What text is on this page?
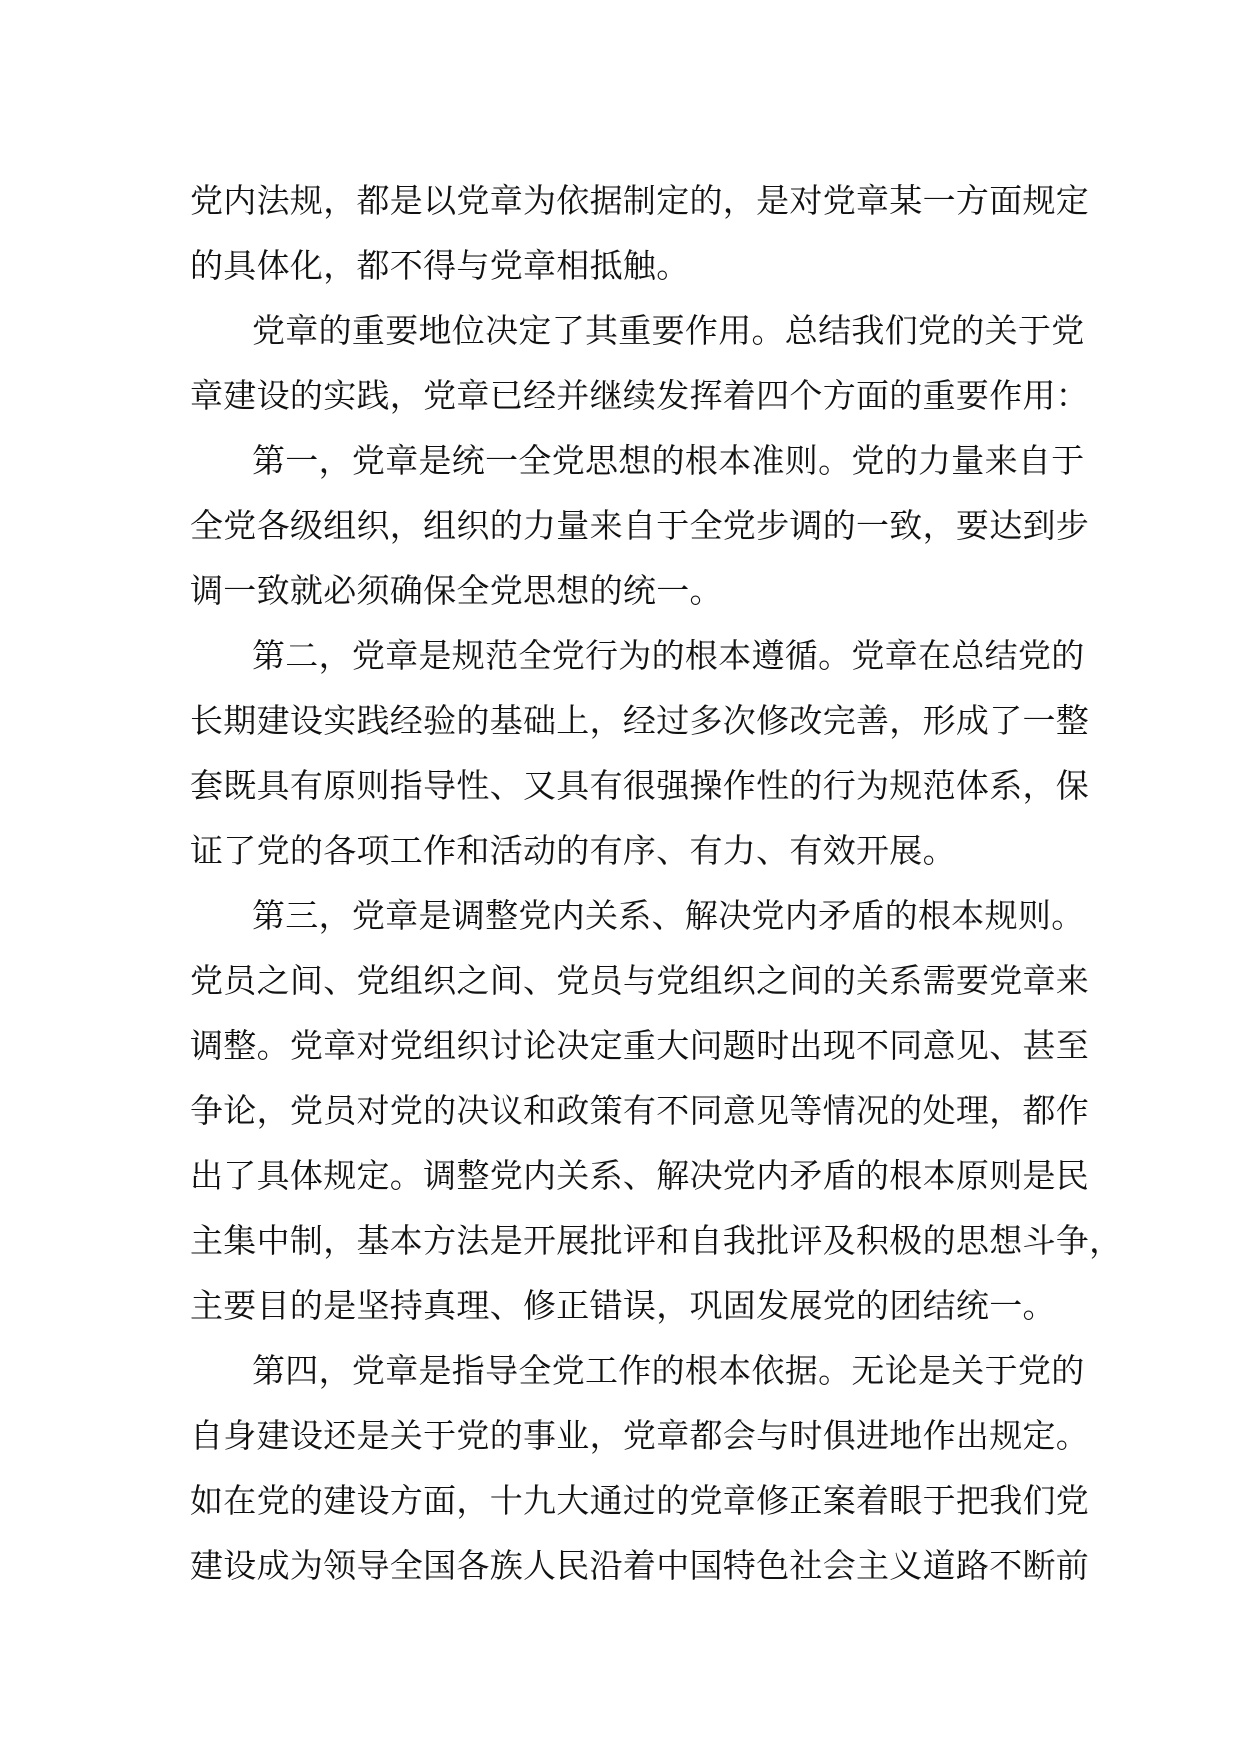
党内法规，都是以党章为依据制定的，是对党章某一方面规定
的具体化，都不得与党章相抵触。
党章的重要地位决定了其重要作用。总结我们党的关于党
章建设的实践，党章已经并继续发挥着四个方面的重要作用：
第一，党章是统一全党思想的根本准则。党的力量来自于
全党各级组织，组织的力量来自于全党步调的一致，要达到步
调一致就必须确保全党思想的统一。
第二，党章是规范全党行为的根本遵循。党章在总结党的
长期建设实践经验的基础上，经过多次修改完善，形成了一整
套既具有原则指导性、又具有很强操作性的行为规范体系，保
证了党的各项工作和活动的有序、有力、有效开展。
第三，党章是调整党内关系、解决党内矛盾的根本规则。
党员之间、党组织之间、党员与党组织之间的关系需要党章来
调整。党章对党组织讨论决定重大问题时出现不同意见、甚至
争论，党员对党的决议和政策有不同意见等情况的处理，都作
出了具体规定。调整党内关系、解决党内矛盾的根本原则是民
主集中制，基本方法是开展批评和自我批评及积极的思想斗争，
主要目的是坚持真理、修正错误，巩固发展党的团结统一。
第四，党章是指导全党工作的根本依据。无论是关于党的
自身建设还是关于党的事业，党章都会与时俱进地作出规定。
如在党的建设方面，十九大通过的党章修正案着眼于把我们党
建设成为领导全国各族人民沿着中国特色社会主义道路不断前
